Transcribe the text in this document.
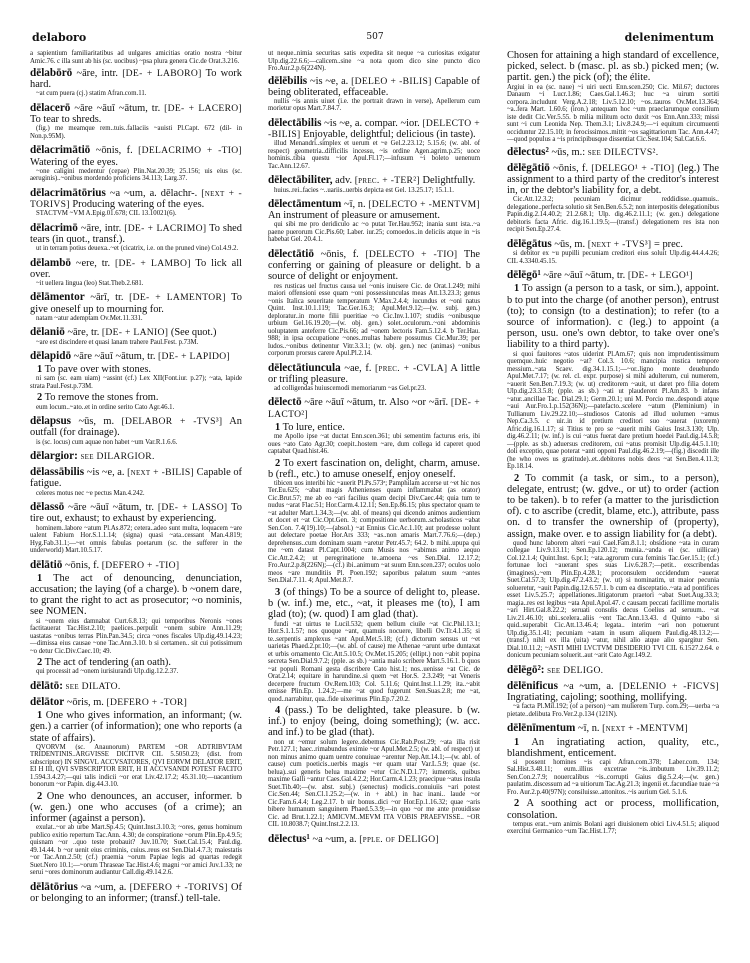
delaboro	507	delenimentum

a sapientium familiaritatibus ad uulgares amicitias oratio nostra ~bitur Amic.76. c illa sunt ab his (sc. uocibus) ~psa plura genera Cic.de Orat.3.216.

dēlabōrō ~āre, intr. [DE- + LABORO] To work hard.

~at cum puera (cj.) statim Afran.com.11.

dēlacerō ~āre ~āuī ~ātum, tr. [DE- + LACERO] To tear to shreds.

(fig.) me meamque rem..tuis..fallaciis ~auisti Pl.Capt. 672 (dil- in Non.p.95M).

dēlacrimātiō ~ōnis, f. [DELACRIMO + -TIO] Watering of the eyes.

~one caligini medentur (cepae) Plin.Nat.20.39; 25.156; uis eius (sc. aeruginis)..~onibus mordendo proficiens 34.113; Larg.37.

dēlacrimātōrius ~a ~um, a. dēlachr-. [next + -TORIVS] Producing watering of the eyes.

STACTVM ~VM A.Epig.01.678; CIL 13.10021(6).

dēlacrimō ~āre, intr. [DE- + LACRIMO] To shed tears (in quot., transf.).

ut in terram potius deuexa..~et (cicatrix, i.e. on the pruned vine) Col.4.9.2.

dēlambō ~ere, tr. [DE- + LAMBO] To lick all over.

~it uellera lingua (leo) Stat.Theb.2.681.

dēlāmentor ~ārī, tr. [DE- + LAMENTOR] To give oneself up to mourning for.

natam ~atur ademptam Ov.Met.11.331.

dēlaniō ~āre, tr. [DE- + LANIO] (See quot.)

~are est discindere et quasi lanam trahere Paul.Fest. p.73M.

dēlapidō ~āre ~āuī ~ātum, tr. [DE- + LAPIDO]

1 To pave over with stones.

ni sam (sc. eam uiam) ~assint (cf.) Lex XII(Font.iur. p.27); ~ata, lapide strata Paul.Fest.p.73M.

2 To remove the stones from.

eum locum..~ato..et in ordine serito Cato Agr.46.1.

dēlapsus ~ūs, m. [DELABOR + -TVS³] An outfall (for drainage).

is (sc. locus) cum aquae non habet ~um Var.R.1.6.6.

dēlargior: see DILARGIOR.

dēlassābilis ~is ~e, a. [next + -BILIS] Capable of fatigue.

celeres motus nec ~e pectus Man.4.242.

dēlassō ~āre ~āuī ~ātum, tr. [DE- + LASSO] To tire out, exhaust; to exhaust by experiencing.

hominem..labore ~atum Pl.As.872; cetera..adeo sunt multa, loquacem ~are ualent Fabium Hor.S.1.1.14; (signa) quasi ~ata..cessant Man.4.819; Hyg.Fab.31.1;—~et omnis fabulas poetarum (sc. the sufferer in the underworld) Mart.10.5.17.

dēlātiō ~ōnis, f. [DEFERO + -TIO]

1 The act of denouncing, denunciation, accusation; the laying (of a charge). b ~onem dare, to grant the right to act as prosecutor; ~o nominis, see NOMEN.

si ~onem eius damnabat Curt.6.8.13; qui temporibus Neronis ~ones factitauerat Tac.Hist.2.10; paelices..perpulit ~onem subire Ann.11.29; uastatas ~onibus terras Plin.Pan.34.5; circa ~ones fiscales Ulp.dig.49.14.23;—dimissa eius causae ~one Tac.Ann.3.10. b si certamen.. sit cui potissimum ~o detur Cic.Div.Caec.10; 49.

2 The act of tendering (an oath).

qui processit ad ~onem iurisiurandi Ulp.dig.12.2.37.

dēlātō: see DILATO.

dēlātor ~ōris, m. [DEFERO + -TOR]

1 One who gives information, an informant; (w. gen.) a carrier (of information); one who reports (a state of affairs).

QVORVM (sc. Anaunorum) PARTEM ~OR ADTRIBVTAM TRIDENTINIS..ARGVISSE DICITVR CIL 5.5050.23; (dist. from subscriptor) IN SINGVL ACCVSATORES, QVI EORVM DELATOR ERIT, EI H III, QVI SVBSCRIPTOR ERIT, H II ACCVSANDI POTEST FACITO 1.594.3.4.27;—qui talis indicii ~or erat Liv.42.17.2; 45.31.10;—uacantium bonorum ~or Papin. dig.44.3.10.

2 One who denounces, an accuser, informer. b (w. gen.) one who accuses (of a crime); an informer (against a person).

exulat..~or ab urbe Mart.Sp.4.5; Quint.Inst.3.10.3; ~ores, genus hominum publico exitio repertum Tac.Ann. 4.30; de conspiratione ~orum Plin.Ep.4.9.5; quisnam ~or ..quo teste probauit? Juv.10.70; Suet.Cal.15.4; Paul.dig. 49.14.44. b ~or uenit eius criminis, cuius..reus est Sen.Dial.4.7.3; maiestatis ~or Tac.Ann.2.50; (cf.) praemia ~orum Papiae legis ad quartas redegit Suet.Nero 10.1;—~orum Thraseae Tac.Hist.4.6; magni ~or amici Juv.1.33; ne serui ~ores dominorum audiantur Call.dig.49.14.2.6.

dēlātōrius ~a ~um, a. [DEFERO + -TORIVS] Of or belonging to an informer; (transf.) tell-tale.

ut neque..nimia securitas satis expedita sit neque ~a curiositas exigatur Ulp.dig.22.6.6;—calicem..sine ~a nota quom dico sine puncto dico Fro.Aur.2.p.6(224N).

dēlēbilis ~is ~e, a. [DELEO + -BILIS] Capable of being obliterated, effaceable.

nullis ~is annis uiuet (i.e. the portrait drawn in verse), Apellerum cum morietur opus Mart.7.84.7.

dēlectābilis ~is ~e, a. compar. ~ior. [DELECTO + -BILIS] Enjoyable, delightful; delicious (in taste).

illud Menandri..simplex et uerum et ~e Gel.2.23.12; 5.15.6; (w. abl. of respect) geometria..difficilis incessu, ~is ordine Agen.agrim.p.25; uoce hominis..tibia questu ~ior Apul.Fl.17;—infusum ~i boleto uenenum Tac.Ann.12.67.

dēlectābiliter, adv. [prec. + -TER²] Delightfully.

huius..rei..facies ~..uariis..uerbis depicta est Gel. 13.25.17; 15.1.1.

dēlectāmentum ~ī, n. [DELECTO + -MENTVM] An instrument of pleasure or amusement.

qui sibi me pro deridiculo ac ~o putat Ter.Hau.952; inania sunt ista..~a paene puerorum Cic.Pis.60; Laber. iur.25; comoedos..in deliciis atque in ~is habebat Gel. 20.4.1.

dēlectātiō ~ōnis, f. [DELECTO + -TIO] The conferring or gaining of pleasure or delight. b a source of delight or enjoyment.

res rusticas uel fructus causa uel ~onis inuisere Cic. de Orat.1.249; mihi maiori offensioni esse quam ~oni possessiunculas meas Att.13.23.3; genus ~onis Italica seueritate temperatum V.Max.2.4.4; iucundus et ~oni natus Quint. Inst.10.1.119; Tac.Ger.16.3; Apul.Met.9.12;—(w. subj. gen.) deploratur..in morte filii pueritiae ~o Cic.Inv.1.107; studiis ~onibusque urbium Gel.16.19.20;—(w. obj. gen.) solet..oculorum..~oni abdominis uoluptatem anteferre Cic.Pis.66; ad ~onem lectoris Fam.5.12.4. b Ter.Hau. 988; in ipsa occupatione ~ones..multas habere possumus Cic.Mur.39; per ludos..~onibus detinentur Vitr.3.3.1; (w. obj. gen.) nec (animas) ~onibus corporum prorsus carere Apul.Pl.2.14.

dēlectātiuncula ~ae, f. [prec. + -CVLA] A little or trifling pleasure.

ad colligendas huiuscemodi memoriarum ~as Gel.pr.23.

dēlectō ~āre ~āuī ~ātum, tr. Also ~or ~ārī. [DE- + LACTO²]

1 To lure, entice.

me Apollo ipse ~at ductat Enn.scen.361; ubi sementim facturus eris, ibi oues ~ato Cato Agr.30; coepit..hostem ~are, dum collega id caperet quod captabat Quad.hist.46.

2 To exert fascination on, delight, charm, amuse. b (refl., etc.) to amuse oneself, enjoy oneself.

tibicen uos interibi hic ~auerit Pl.Ps.573ᵃ; Pamphilam accerse ut ~et hic nos Ter.Eu.625; ~abat magis Athenienses quam inflammabat (as orator) Cic.Brut.57; me ab eo ~ari facilius quam decipi Div.Caec.44; quia tum te nudus ~arat Flac.51; Hor.Carm.4.12.11; Sen.Ep.86.15; plus spectator quam te ~at adulter Mart.1.34.3;—(w. abl. of means) qui dicendo animos audientium et docet et ~at Cic.Opt.Gen. 3; compositione uerborum..scholasticos ~abat Sen.Con. 7.4(19).10;—(absol.) ~at Ennius Cic.Ac.1.10; aut prodesse uolunt aut delectare poetae Hor.Ars 333; ~as..non amaris Mart.7.76.6;—(dep.) deprehensus..cum dominam suam ~aretur Petr.45.7; 64.2. b mihi..upupa qui me ~em datast Pl.Capt.1004; cum Musis nos ~abimus animo aequo Cic.Att.2.4.2; ut peregrinatione te..amoena ~es Sen.Dial. 12.17.2; Fro.Aur.2.p.8(226N);—(cf.) ibi..animum ~at suum Enn.scen.237; oculos uolo meos ~are munditiis Pl. Poen.192; saporibus palatum suum ~antes Sen.Dial.7.11. 4; Apul.Met.8.7.

3 (of things) To be a source of delight to, please. b (w. inf.) me, etc., ~at, it pleases me (to), I am glad (to); (w. quod) I am glad (that).

fundi ~at uirtus te Lucil.532; quem bellum ciuile ~at Cic.Phil.13.1; Hor.S.1.1.57; nos quoque ~ant, quamuis nocuere, libelli Ov.Tr.4.1.35; si te..serpentis amplexus ~ant Apul.Met.5.18; (cf.) dictorum sensus ut ~et uarietas Phaed.2.pr.10;—(w. abl. of cause) me Athenae ~arunt urbe duntaxat et urbis ornamento Cic.Att.5.10.5; Ov.Met.15.205; (ellipt.) non ~abit popina secreta Sen.Dial.9.7.2; (pple. as sb.) ~antia malo scribere Mart.5.16.1. b quos ~at populi Romani gesta discribere Cato hist.1; nos..uenisse ~at Cic. de Orat.2.14; equitare in harundine..si quem ~et Hor.S. 2.3.249; ~at Veneris decerpere fructum Ov.Rem.103; Col. 5.11.6; Quint.Inst.1.1.29; ita..~abit emisse Plin.Ep. 1.24.2;—me ~at quod fugerunt Sen.Suas.2.8; me ~at, quod..narrabitur, qua..fide uixerimus Plin.Ep.7.20.2.

4 (pass.) To be delighted, take pleasure. b (w. inf.) to enjoy (being, doing something); (w. acc. and inf.) to be glad (that).

non ut ~emur solum legere..debemus Cic.Rab.Post.29; ~ata illa risit Petr.127.1; haec..rimabundus eximie ~or Apul.Met.2.5; (w. abl. of respect) ut non minus animo quam uentre conuiuae ~arentur Nep.Att.14.1;—(w. abl. of cause) cum poeticis..uerbis magis ~er quam utar Var.L.5.9; quae (sc. belua)..sui generis belua maxime ~etur Cic.N.D.1.77; iumentis, quibus maxime Galli ~antur Caes.Gal.4.2.2; Hor.Carm.4.1.23; praecipue ~atus insula Suet.Tib.40;—(w. abst. subj.) (senectus) modicis..conuiuiis ~ari potest Cic.Sen.44; Sen.Cl.1.25.2;—(w. in + abl.) in hac inani.. laude ~or Cic.Fam.6.4.4; Leg.2.17. b uir bonus..dici ~or Hor.Ep.1.16.32; quae ~aris bibere humanum sanguinem Phaed.5.3.9;—in quo ~or me ante prouidisse Cic. ad Brut.1.22.1; AMICVM..MEVM ITA VOBIS PRAEFVISSE.. ~OR CIL 10.8038.7; Quint.Inst.2.2.13.

dēlectus¹ ~a ~um, a. [pple. of DELIGO]

Chosen for attaining a high standard of excellence, picked, select. b (masc. pl. as sb.) picked men; (w. partit. gen.) the pick (of); the élite.

Argiui in ea (sc. naue) ~i uiri uecti Enn.scen.250; Cic. Mil.67; ductores Danaum ~i Lucr.1.86; Caes.Gal.1.46.3; huc ~a uirum sortiti corpora..includunt Verg.A.2.18; Liv.5.12.10; ~os..tauros Ov.Met.13.364; ~a..fera Mart. 1.60.6; (iron.) antequam hoc ~um praeclarumque consilium iste dedit Cic.Ver.5.55. b milia militum octo duxit ~os Enn.Ann.333; missi sunt ~i cum Leonida Nep. Them.3.1; Liv.8.24.9;—~i equitum circumuenti occiduntur 22.15.10; in ferocissimos..mittit ~os sagittariorum Tac. Ann.4.47;—quod populus a ~is principibusque dissentiat Cic.Sest.104; Sal.Cat.6.6.

dēlectus² ~ūs, m.: see DILECTVS².

dēlēgātiō ~ōnis, f. [DELEGO¹ + -TIO] (leg.) The assignment to a third party of the creditor's interest in, or the debtor's liability for, a debt.

Cic.Att.12.3.2; pecuniam dicimur reddidisse..quamuis.. delegatione..perfecta solutio sit Sen.Ben.6.5.2; non interpositis delegationibus Papin.dig.2.14.40.2; 21.2.68.1; Ulp. dig.46.2.11.1; (w. gen.) delegatione debitoris facta Afric. dig.16.1.19.5;—(transf.) delegationem res ista non recipit Sen.Ep.27.4.

dēlēgātus ~ūs, m. [next + -TVS³] = prec.

si debitor ex ~u pupilli pecuniam creditori eius soluit Ulp.dig.44.4.4.26; CIL 4.3340.45.15.

dēlēgō¹ ~āre ~āuī ~ātum, tr. [DE- + LEGO¹]

1 To assign (a person to a task, or sim.), appoint. b to put into the charge (of another person), entrust (to); to consign (to a destination); to refer (to a source of information). c (leg.) to appoint (a person, usu. one's own debtor, to take over one's liability to a third party).

si quoi fauitores ~atos uiderint Pl.Am.67; quis non imprudentissimum quemque..huic negotio ~at? Col.3. 10.6; mancipia rustica tempore messium..~ata Scaev. dig.34.1.15.1;—~or..ligno monte deuehundo Apul.Met.7.17; (w. rel. cl. expr. purpose) si mihi adulterum, cui numerem, ~auerit Sen.Ben.7.19.3; (w. ut) creditorem ~auit, ut daret pro filia dotem Ulp.dig.23.3.5.8; (pple. as sb.) ~ati ut plauderent Pl.Am.83. b infans ~atur..ancillae Tac. Dial.29.1; Germ.20.1; uni M. Porcio me..despondi atque ~aui Aur.Fro.1.p.152(36N);—patefacto..scelere ~atum (Pleminium) in Tullianum Liv.29.22.10;—studiosos Catonis ad illud uolumen ~amus Nep.Ca.3.5. c uir..in id pretium creditori suo ~auerat (uxorem) Afric.dig.16.1.17; si Titius te pro se ~auerit mihi Gaius Inst.3.130; Ulp. dig.46.2.11; (w. inf.) is cui ~atus fuerat dare pretium hoedei Paul.dig.14.5.8;—(pple. as sb.) aduersus creditorem, cui ~atus promisit Ulp.dig.44.5.1.10; doli exceptio, quae poterat ~anti opponi Paul.dig.46.2.19;—(fig.) discedit ille (he who owes us gratitude)..et..debitores nobis deos ~at Sen.Ben.4.11.3; Ep.18.14.

2 To commit (a task, or sim., to a person), delegate, entrust; (w. gdve., or ut) to order (action to be taken). b to refer (a matter to the jurisdiction of). c to ascribe (credit, blame, etc.), attribute, pass on. d to transfer the ownership of (property), assign, make over. e to assign liability for (a debt).

quod hunc laborem alteri ~aui Cael.Fam.8.1.1; obsidione ~ata in curam collegae Liv.9.13.11; Sen.Ep.120.12; munia..~anda ei (sc. uillicae) Col.12.1.4; Quint.Inst. 6.pr.1; ~ata..agrorum cura feminis Tac.Ger.15.1; (cf.) fortunae loci ~auerant spes suas Liv.6.28.7;—petit.. exscribendas (imagines)..~em Plin.Ep.4.28.1; proconsulem occidendum ~auerat Suet.Cal.57.3; Ulp.dig.47.2.43.2; (w. ut) si nominatim, ut maior pecunia solueretur, ~auit Papin.dig.12.6.57.1. b cum ea disceptatio..~ata ad pontifices esset Liv.5.25.7; appellationes..litigatorum praetori ~abat Suet.Aug.33.3; magia..res est legibus ~ata Apul.Apol.47. c causam peccati facillime mortalis ~ari Hirt.Gal.8.22.2; seruati consulis decus Coelius ad seruum.. ~at Liv.21.46.10; ubi..scelera..aliis ~ent Tac.Ann.13.43. d Quinto ~abo si quid..superabit Cic.Att.13.46.4; legata.. interim ~ari non potuerunt Ulp.dig.35.1.41; pecuniam ~atam in usum aliquem Paul.dig.48.13.2;—(transf.) nihil ex illa (uita) ~atur, nihil alio atque alio spargitur Sen. Dial.10.11.2; ~ASTI MIHI LVCTVM DESIDERIO TVI CIL 6.1527.2.64. e donicum pecuniam soluerit..aut ~arit Cato Agr.149.2.

dēlēgō²: see DELIGO.

dēlēnificus ~a ~um, a. [DELENIO + -FICVS] Ingratiating, cajoling; soothing, mollifying.

~a facta Pl.Mil.192; (of a person) ~am mulierem Turp. com.29;—uerba ~a pietate..delibuta Fro.Ver.2.p.134 (121N).

dēlēnīmentum ~ī, n. [next + -MENTVM]

1 An ingratiating action, quality, etc., blandishment, enticement.

si possent homines ~is capi Afran.com.378; Laber.com. 134; Sal.Hist.3.48.11; eum..illius excetrae ~is..imbutum Liv.39.11.2; Sen.Con.2.7.9; nouercalibus ~is..corrupti Gaius dig.5.2.4;—(w. gen.) paulatim..discessum ad ~a uitiorum Tac.Ag.21.3; ingenii et..facundiae tuae ~a Fro. Aur.2.p.40(97N); consiluisse..attonitos..~is aurium Gel. 5.1.6.

2 A soothing act or process, mollification, consolation.

tempus erat..~um animis Bolani agri diuisionem obici Liv.4.51.5; aliquod exercitui Germanico ~um Tac.Hist.1.77;
